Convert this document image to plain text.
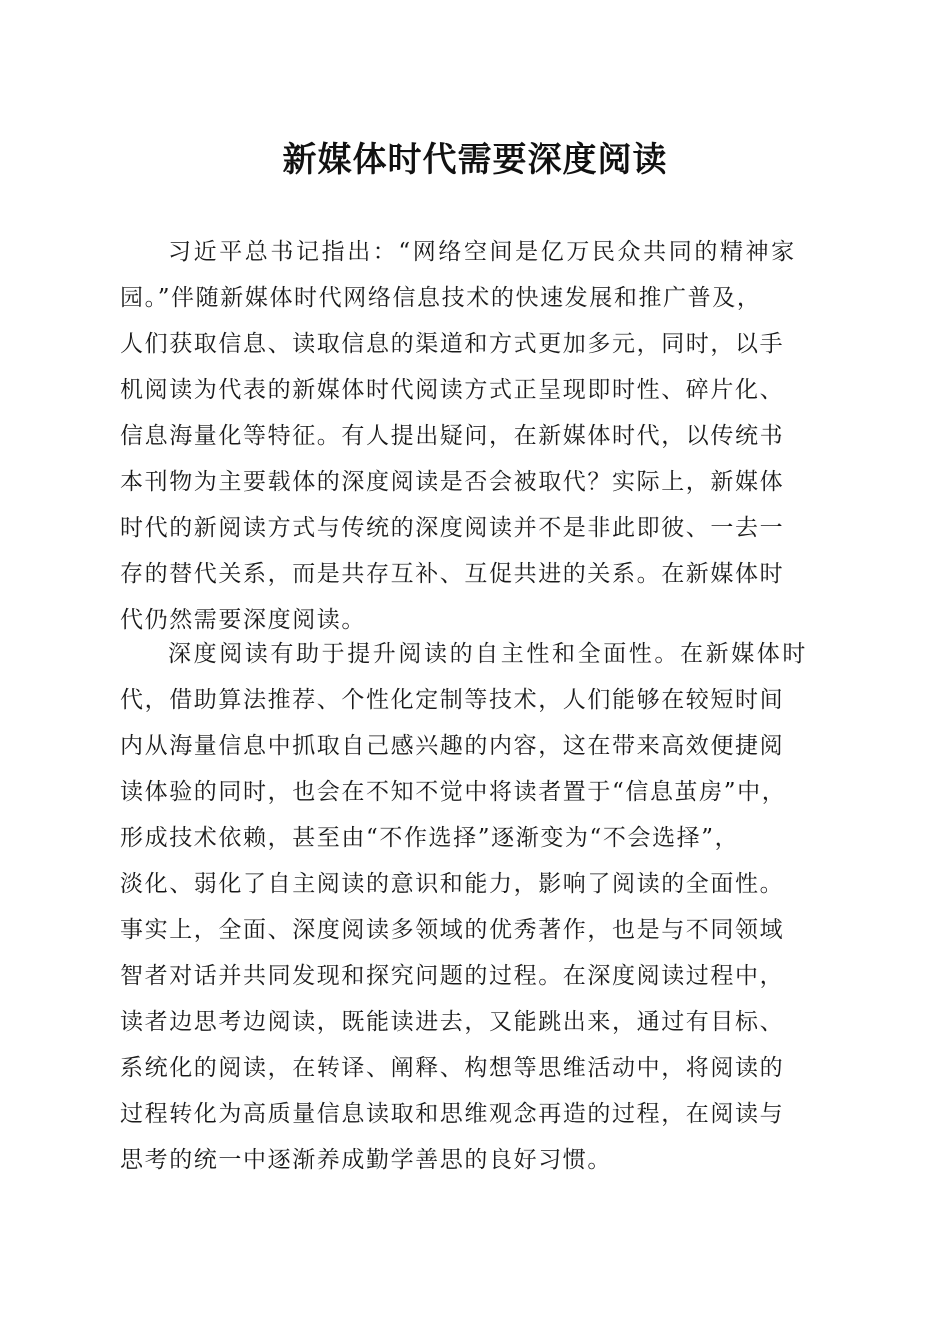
新媒体时代需要深度阅读
习近平总书记指出：“网络空间是亿万民众共同的精神家
园。”伴随新媒体时代网络信息技术的快速发展和推广普及，
人们获取信息、读取信息的渠道和方式更加多元，同时，以手
机阅读为代表的新媒体时代阅读方式正呈现即时性、碎片化、
信息海量化等特征。有人提出疑问，在新媒体时代，以传统书
本刊物为主要载体的深度阅读是否会被取代？实际上，新媒体
时代的新阅读方式与传统的深度阅读并不是非此即彼、一去一
存的替代关系，而是共存互补、互促共进的关系。在新媒体时
代仍然需要深度阅读。
深度阅读有助于提升阅读的自主性和全面性。在新媒体时
代，借助算法推荐、个性化定制等技术，人们能够在较短时间
内从海量信息中抓取自己感兴趣的内容，这在带来高效便捷阅
读体验的同时，也会在不知不觉中将读者置于“信息茧房”中，
形成技术依赖，甚至由“不作选择”逐渐变为“不会选择”，
淡化、弱化了自主阅读的意识和能力，影响了阅读的全面性。
事实上，全面、深度阅读多领域的优秀著作，也是与不同领域
智者对话并共同发现和探究问题的过程。在深度阅读过程中，
读者边思考边阅读，既能读进去，又能跳出来，通过有目标、
系统化的阅读，在转译、阐释、构想等思维活动中，将阅读的
过程转化为高质量信息读取和思维观念再造的过程，在阅读与
思考的统一中逐渐养成勤学善思的良好习惯。
